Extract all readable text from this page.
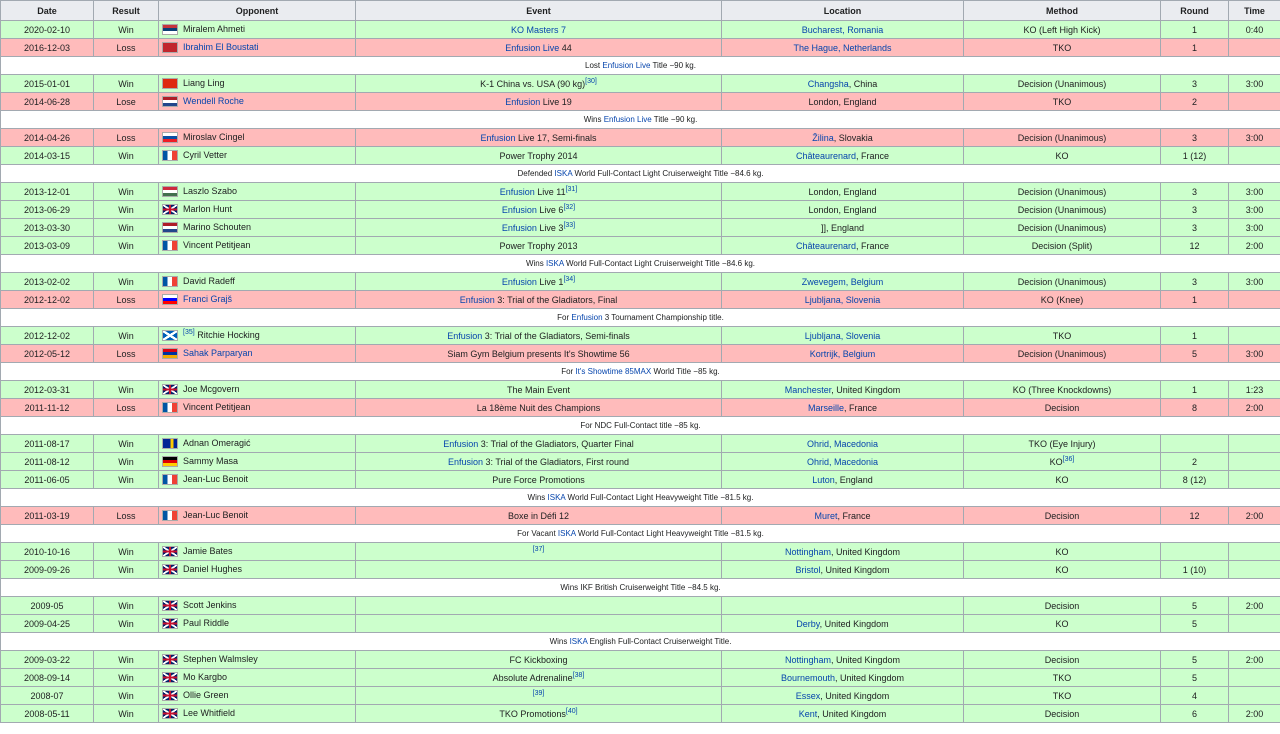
Date	Result	Opponent	Event	Location	Method	Round	Time
2020-02-10	Win	Miralem Ahmeti	KO Masters 7	Bucharest, Romania	KO (Left High Kick)	1	0:40
2016-12-03	Loss	Ibrahim El Boustati	Enfusion Live 44	The Hague, Netherlands	TKO	1	
Lost Enfusion Live Title −90 kg.							
2015-01-01	Win	Liang Ling	K-1 China vs. USA (90 kg)[30]	Changsha, China	Decision (Unanimous)	3	3:00
2014-06-28	Lose	Wendell Roche	Enfusion Live 19	London, England	TKO	2	
Wins Enfusion Live Title −90 kg.							
2014-04-26	Loss	Miroslav Cingel	Enfusion Live 17, Semi-finals	Žilina, Slovakia	Decision (Unanimous)	3	3:00
2014-03-15	Win	Cyril Vetter	Power Trophy 2014	Châteaurenard, France	KO	1 (12)	
Defended ISKA World Full-Contact Light Cruiserweight Title −84.6 kg.							
2013-12-01	Win	Laszlo Szabo	Enfusion Live 11[31]	London, England	Decision (Unanimous)	3	3:00
2013-06-29	Win	Marlon Hunt	Enfusion Live 6[32]	London, England	Decision (Unanimous)	3	3:00
2013-03-30	Win	Marino Schouten	Enfusion Live 3[33]	]], England	Decision (Unanimous)	3	3:00
2013-03-09	Win	Vincent Petitjean	Power Trophy 2013	Châteaurenard, France	Decision (Split)	12	2:00
Wins ISKA World Full-Contact Light Cruiserweight Title −84.6 kg.							
2013-02-02	Win	David Radeff	Enfusion Live 1[34]	Zwevegem, Belgium	Decision (Unanimous)	3	3:00
2012-12-02	Loss	Franci Grajš	Enfusion 3: Trial of the Gladiators, Final	Ljubljana, Slovenia	KO (Knee)	1	
For Enfusion 3 Tournament Championship title.							
2012-12-02	Win	[35] Ritchie Hocking	Enfusion 3: Trial of the Gladiators, Semi-finals	Ljubljana, Slovenia	TKO	1	
2012-05-12	Loss	Sahak Parparyan	Siam Gym Belgium presents It's Showtime 56	Kortrijk, Belgium	Decision (Unanimous)	5	3:00
For It's Showtime 85MAX World Title −85 kg.							
2012-03-31	Win	Joe Mcgovern	The Main Event	Manchester, United Kingdom	KO (Three Knockdowns)	1	1:23
2011-11-12	Loss	Vincent Petitjean	La 18ème Nuit des Champions	Marseille, France	Decision	8	2:00
For NDC Full-Contact title −85 kg.							
2011-08-17	Win	Adnan Omeragić	Enfusion 3: Trial of the Gladiators, Quarter Final	Ohrid, Macedonia	TKO (Eye Injury)		
2011-08-12	Win	Sammy Masa	Enfusion 3: Trial of the Gladiators, First round	Ohrid, Macedonia	KO[36]	2	
2011-06-05	Win	Jean-Luc Benoit	Pure Force Promotions	Luton, England	KO	8 (12)	
Wins ISKA World Full-Contact Light Heavyweight Title −81.5 kg.							
2011-03-19	Loss	Jean-Luc Benoit	Boxe in Défi 12	Muret, France	Decision	12	2:00
For Vacant ISKA World Full-Contact Light Heavyweight Title −81.5 kg.							
2010-10-16	Win	Jamie Bates	[37]	Nottingham, United Kingdom	KO		
2009-09-26	Win	Daniel Hughes		Bristol, United Kingdom	KO	1 (10)	
Wins IKF British Cruiserweight Title −84.5 kg.							
2009-05	Win	Scott Jenkins			Decision	5	2:00
2009-04-25	Win	Paul Riddle		Derby, United Kingdom	KO	5	
Wins ISKA English Full-Contact Cruiserweight Title.							
2009-03-22	Win	Stephen Walmsley	FC Kickboxing	Nottingham, United Kingdom	Decision	5	2:00
2008-09-14	Win	Mo Kargbo	Absolute Adrenaline[38]	Bournemouth, United Kingdom	TKO	5	
2008-07	Win	Ollie Green	[39]	Essex, United Kingdom	TKO	4	
2008-05-11	Win	Lee Whitfield	TKO Promotions[40]	Kent, United Kingdom	Decision	6	2:00
